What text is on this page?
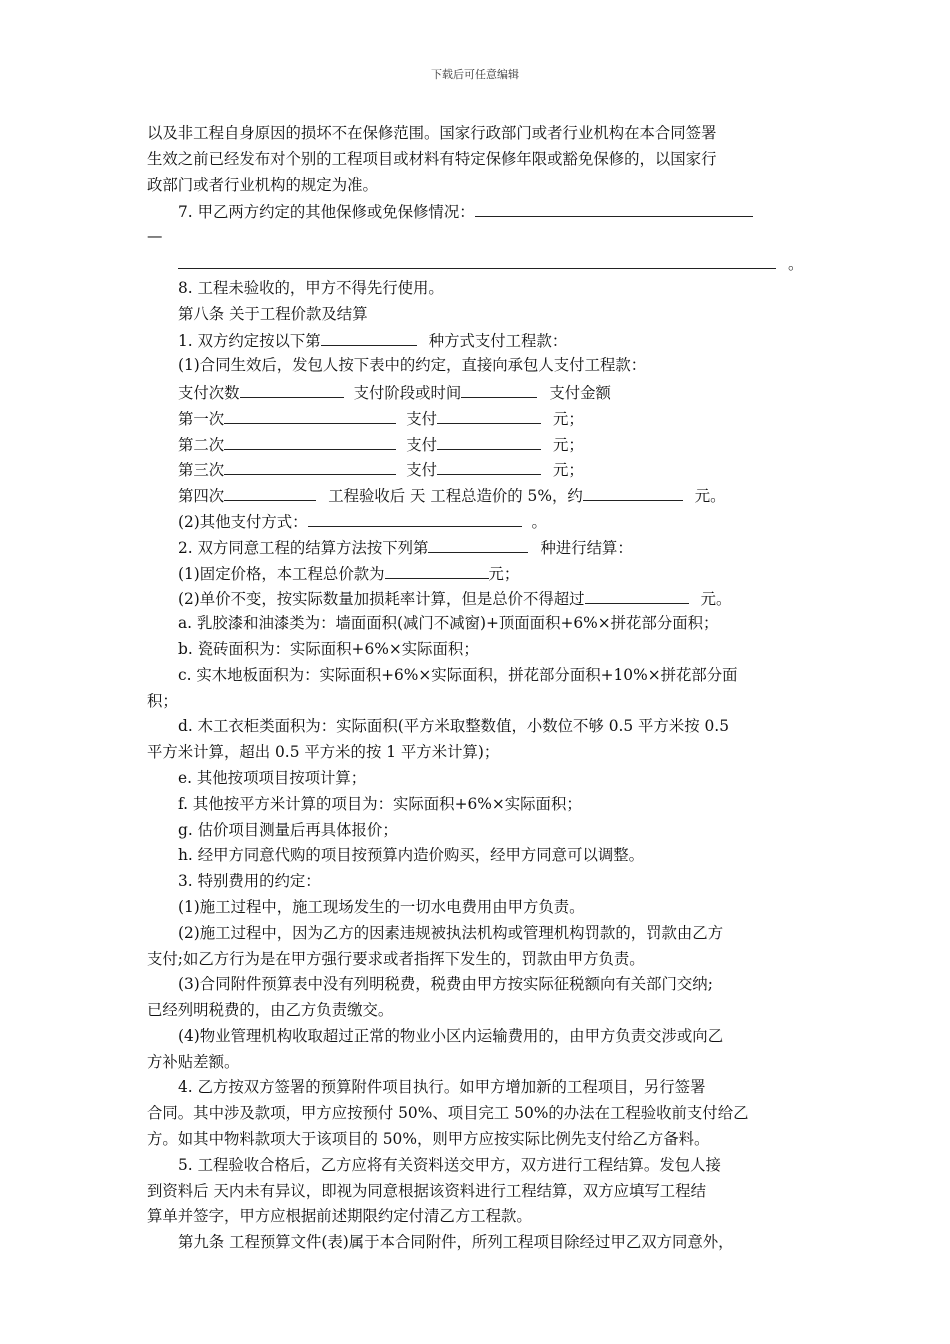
下载后可任意编辑
以及非工程自身原因的损坏不在保修范围。国家行政部门或者行业机构在本合同签署
生效之前已经发布对个别的工程项目或材料有特定保修年限或豁免保修的，以国家行
政部门或者行业机构的规定为准。
7. 甲乙两方约定的其他保修或免保修情况：
—
。
8. 工程未验收的，甲方不得先行使用。
第八条 关于工程价款及结算
1. 双方约定按以下第	种方式支付工程款：
(1)合同生效后，发包人按下表中的约定，直接向承包人支付工程款：
支付次数	支付阶段或时间	支付金额
第一次	支付	元；
第二次	支付	元；
第三次	支付	元；
第四次	工程验收后 天 工程总造价的 5%，约	元。
(2)其他支付方式：	。
2. 双方同意工程的结算方法按下列第	种进行结算：
(1)固定价格，本工程总价款为	元；
(2)单价不变，按实际数量加损耗率计算，但是总价不得超过	元。
a. 乳胶漆和油漆类为：墙面面积(减门不减窗)+顶面面积+6%×拼花部分面积；
b. 瓷砖面积为：实际面积+6%×实际面积；
c. 实木地板面积为：实际面积+6%×实际面积，拼花部分面积+10%×拼花部分面
积；
d. 木工衣柜类面积为：实际面积(平方米取整数值，小数位不够 0.5 平方米按 0.5
平方米计算，超出 0.5 平方米的按 1 平方米计算)；
e. 其他按项项目按项计算；
f. 其他按平方米计算的项目为：实际面积+6%×实际面积；
g. 估价项目测量后再具体报价；
h. 经甲方同意代购的项目按预算内造价购买，经甲方同意可以调整。
3. 特别费用的约定：
(1)施工过程中，施工现场发生的一切水电费用由甲方负责。
(2)施工过程中，因为乙方的因素违规被执法机构或管理机构罚款的，罚款由乙方
支付;如乙方行为是在甲方强行要求或者指挥下发生的，罚款由甲方负责。
(3)合同附件预算表中没有列明税费，税费由甲方按实际征税额向有关部门交纳;
已经列明税费的，由乙方负责缴交。
(4)物业管理机构收取超过正常的物业小区内运输费用的，由甲方负责交涉或向乙
方补贴差额。
4. 乙方按双方签署的预算附件项目执行。如甲方增加新的工程项目，另行签署
合同。其中涉及款项，甲方应按预付 50%、项目完工 50%的办法在工程验收前支付给乙
方。如其中物料款项大于该项目的 50%，则甲方应按实际比例先支付给乙方备料。
5. 工程验收合格后，乙方应将有关资料送交甲方，双方进行工程结算。发包人接
到资料后 天内未有异议，即视为同意根据该资料进行工程结算，双方应填写工程结
算单并签字，甲方应根据前述期限约定付清乙方工程款。
第九条 工程预算文件(表)属于本合同附件，所列工程项目除经过甲乙双方同意外，
